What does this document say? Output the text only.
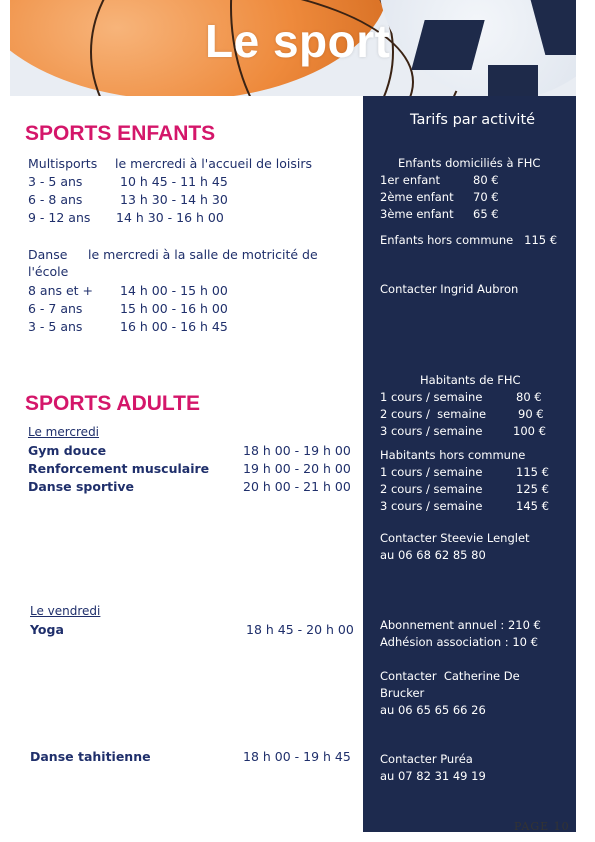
Le sport
Tarifs par activité
Enfants domiciliés à FHC
1er enfant	80 €
2ème enfant 70 €
3ème enfant 65 €
Enfants hors commune   115 €
Contacter Ingrid Aubron
Habitants de FHC
1 cours / semaine	80 €
2 cours /  semaine	90 €
3 cours / semaine	100 €
Habitants hors commune
1 cours / semaine	115 €
2 cours / semaine	125 €
3 cours / semaine	145 €
Contacter Steevie Lenglet
au 06 68 62 85 80
Abonnement annuel : 210 €
Adhésion association : 10 €
Contacter  Catherine De
Brucker
au 06 65 65 66 26
Contacter Puréa
au 07 82 31 49 19
SPORTS ENFANTS
Multisports le mercredi à l'accueil de loisirs
3 - 5 ans	10 h 45 - 11 h 45
6 - 8 ans	13 h 30 - 14 h 30
9 - 12 ans 14 h 30 - 16 h 00
Danse le mercredi à la salle de motricité de
l'école
8 ans et + 14 h 00 - 15 h 00
6 - 7 ans	15 h 00 - 16 h 00
3 - 5 ans	16 h 00 - 16 h 45
SPORTS ADULTE
Le mercredi
Gym douce	18 h 00 - 19 h 00
Renforcement musculaire	19 h 00 - 20 h 00
Danse sportive	20 h 00 - 21 h 00
Le vendredi
Yoga	18 h 45 - 20 h 00
Danse tahitienne	18 h 00 - 19 h 45
PAGE 10
